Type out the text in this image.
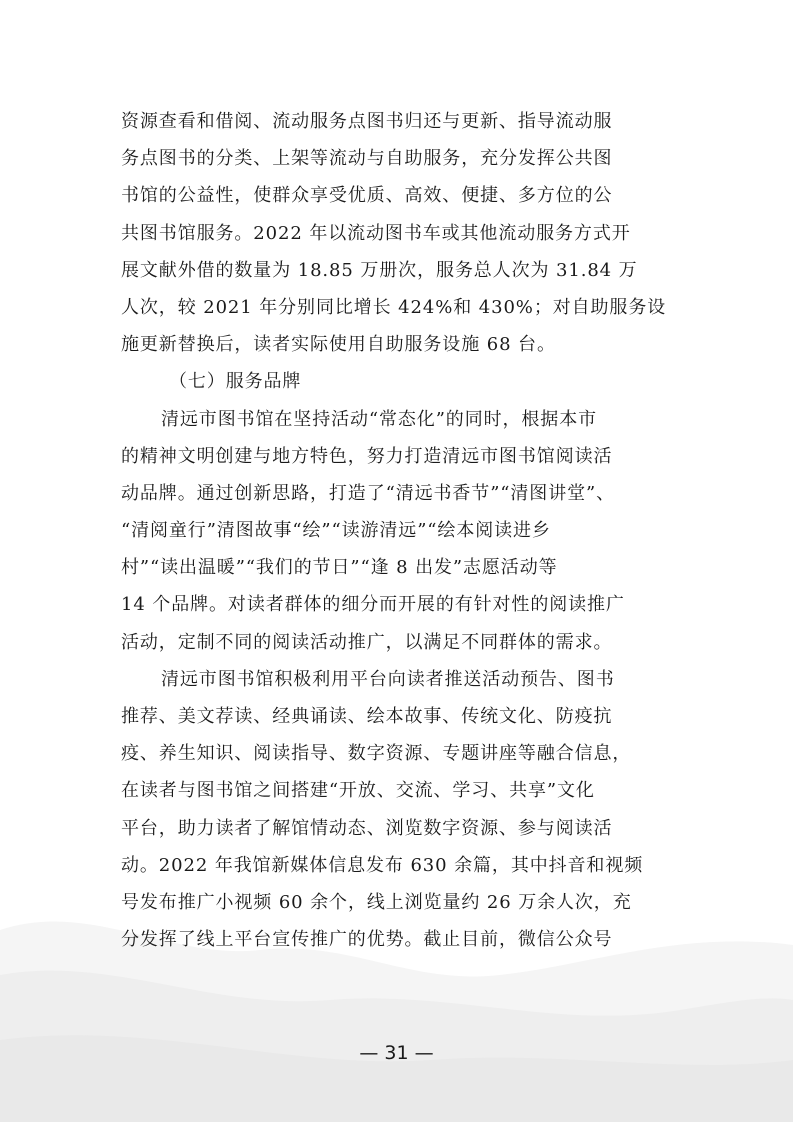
资源查看和借阅、流动服务点图书归还与更新、指导流动服
务点图书的分类、上架等流动与自助服务，充分发挥公共图
书馆的公益性，使群众享受优质、高效、便捷、多方位的公
共图书馆服务。2022 年以流动图书车或其他流动服务方式开
展文献外借的数量为 18.85 万册次，服务总人次为 31.84 万
人次，较 2021 年分别同比增长 424%和 430%；对自助服务设
施更新替换后，读者实际使用自助服务设施 68 台。
（七）服务品牌
清远市图书馆在坚持活动“常态化”的同时，根据本市
的精神文明创建与地方特色，努力打造清远市图书馆阅读活
动品牌。通过创新思路，打造了“清远书香节”“清图讲堂”、
“清阅童行”清图故事“绘”“读游清远”“绘本阅读进乡
村”“读出温暖”“我们的节日”“逢 8 出发”志愿活动等
14 个品牌。对读者群体的细分而开展的有针对性的阅读推广
活动，定制不同的阅读活动推广，以满足不同群体的需求。
清远市图书馆积极利用平台向读者推送活动预告、图书
推荐、美文荐读、经典诵读、绘本故事、传统文化、防疫抗
疫、养生知识、阅读指导、数字资源、专题讲座等融合信息，
在读者与图书馆之间搭建“开放、交流、学习、共享”文化
平台，助力读者了解馆情动态、浏览数字资源、参与阅读活
动。2022 年我馆新媒体信息发布 630 余篇，其中抖音和视频
号发布推广小视频 60 余个，线上浏览量约 26 万余人次，充
分发挥了线上平台宣传推广的优势。截止目前，微信公众号
— 31 —
